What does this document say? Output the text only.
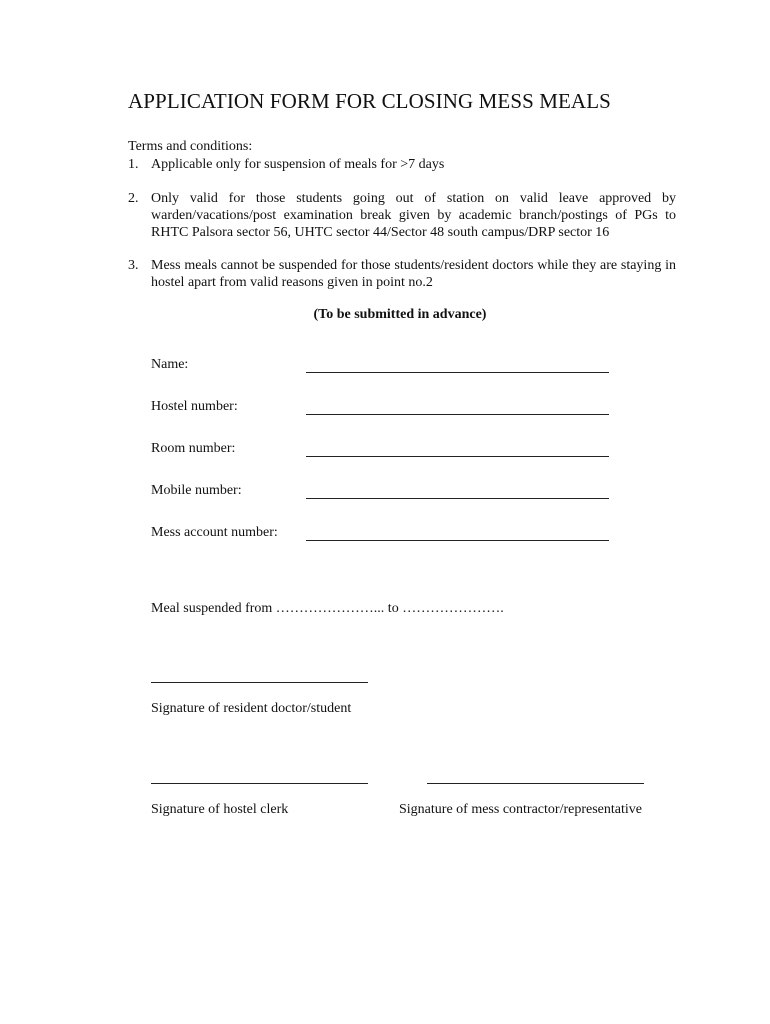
APPLICATION FORM FOR CLOSING MESS MEALS
Terms and conditions:
1. Applicable only for suspension of meals for >7 days
2. Only valid for those students going out of station on valid leave approved by warden/vacations/post examination break given by academic branch/postings of PGs to RHTC Palsora sector 56, UHTC sector 44/Sector 48 south campus/DRP sector 16
3. Mess meals cannot be suspended for those students/resident doctors while they are staying in hostel apart from valid reasons given in point no.2
(To be submitted in advance)
Name:
Hostel number:
Room number:
Mobile number:
Mess account number:
Meal suspended from …………………... to ………………….
Signature of resident doctor/student
Signature of hostel clerk	Signature of mess contractor/representative
